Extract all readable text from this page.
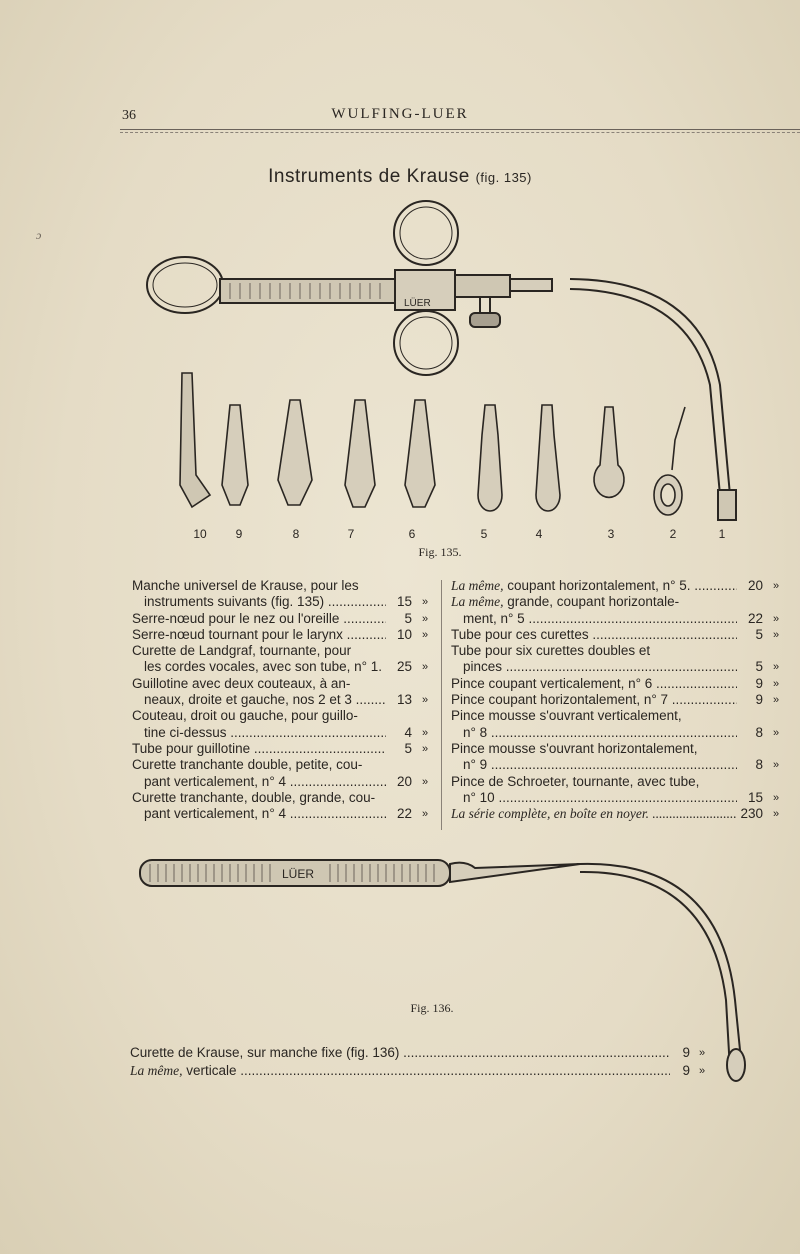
ɔ
36	WULFING-LUER
Instruments de Krause (fig. 135)
LÜER
10	9	8	7	6	5	4	3	2	1
Fig. 135.
Manche universel de Krause, pour les
instruments suivants (fig. 135) .....	15 »
Serre-nœud pour le nez ou l'oreille .....	5 »
Serre-nœud tournant pour le larynx .....	10 »
Curette de Landgraf, tournante, pour
les cordes vocales, avec son tube, n° 1.	25 »
Guillotine avec deux couteaux, à an-
neaux, droite et gauche, nos 2 et 3 .....	13 »
Couteau, droit ou gauche, pour guillo-
tine ci-dessus .....	4 »
Tube pour guillotine .....	5 »
Curette tranchante double, petite, cou-
pant verticalement, n° 4 .....	20 »
Curette tranchante, double, grande, cou-
pant verticalement, n° 4 .....	22 »
La même, coupant horizontalement, n° 5. .....	20 »
La même, grande, coupant horizontale-
ment, n° 5 .....	22 »
Tube pour ces curettes .....	5 »
Tube pour six curettes doubles et
pinces .....	5 »
Pince coupant verticalement, n° 6 .....	9 »
Pince coupant horizontalement, n° 7 .....	9 »
Pince mousse s'ouvrant verticalement,
n° 8 .....	8 »
Pince mousse s'ouvrant horizontalement,
n° 9 .....	8 »
Pince de Schroeter, tournante, avec tube,
n° 10 .....	15 »
La série complète, en boîte en noyer. .....	230 »
LÜER
Fig. 136.
Curette de Krause, sur manche fixe (fig. 136) .....	9 »
La même, verticale .....	9 »
